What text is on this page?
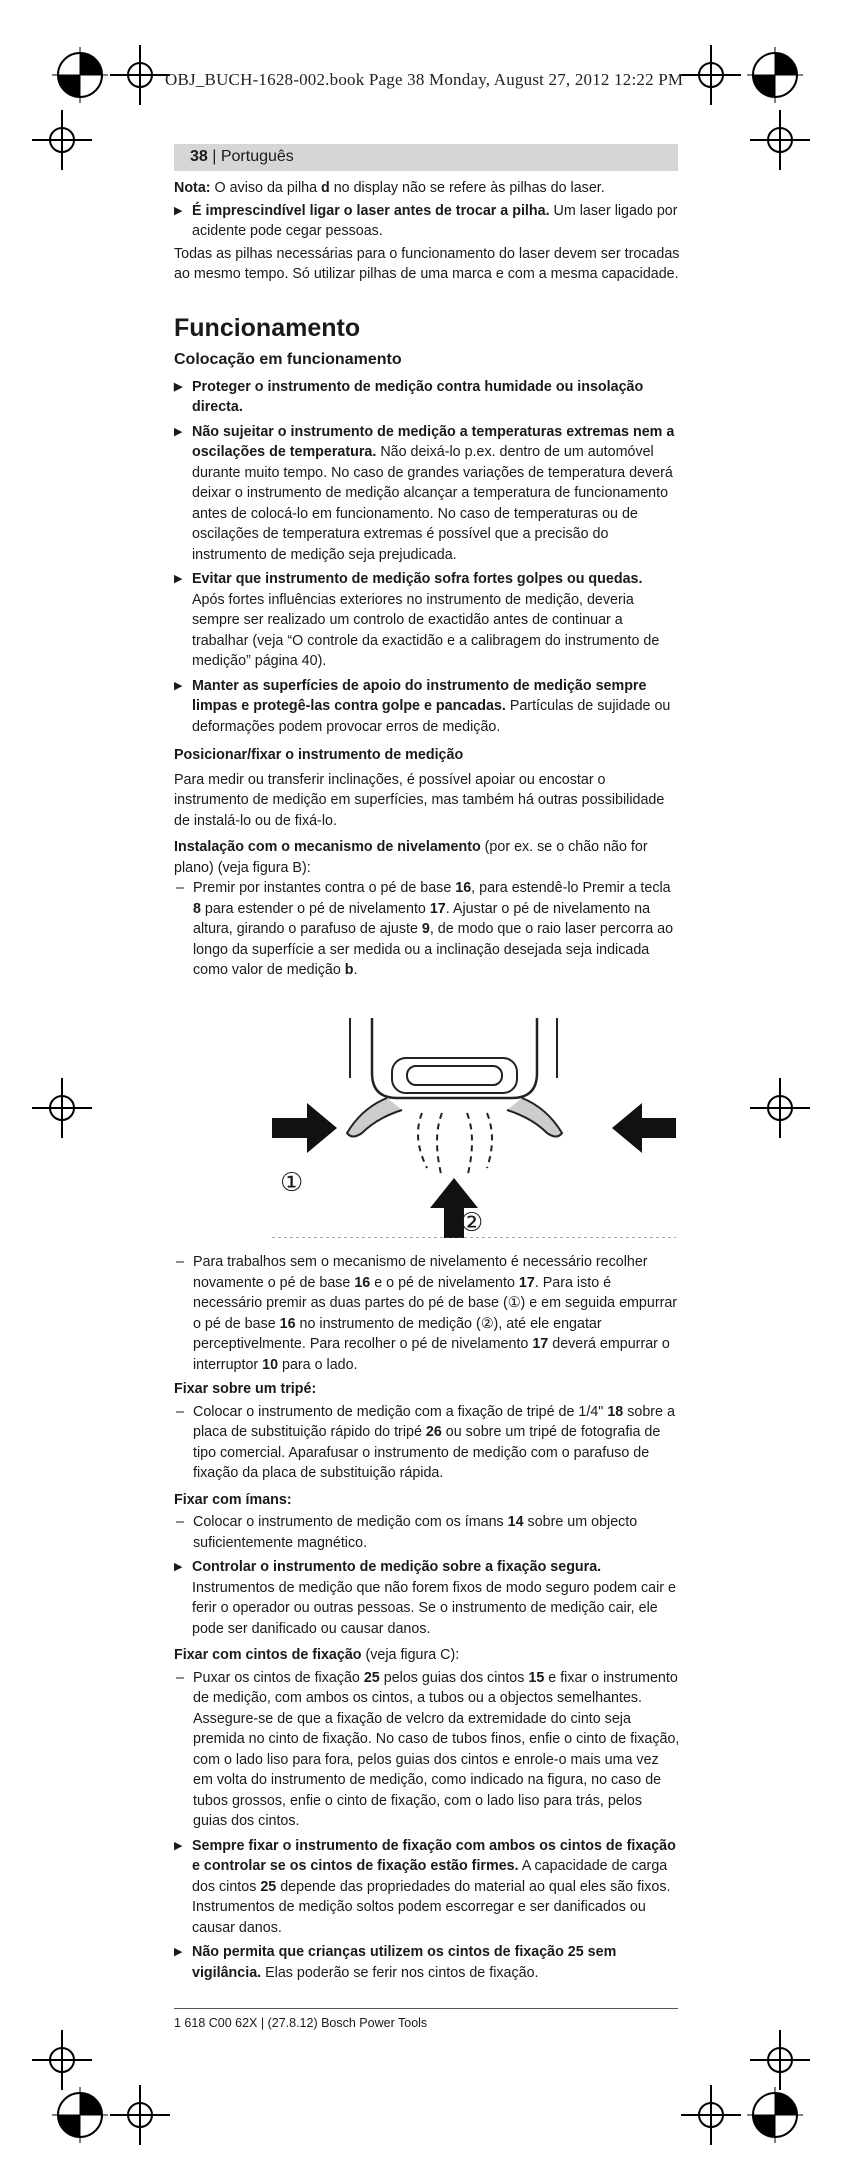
OBJ_BUCH-1628-002.book Page 38 Monday, August 27, 2012 12:22 PM
38 | Português

Nota: O aviso da pilha d no display não se refere às pilhas do laser.

▶ É imprescindível ligar o laser antes de trocar a pilha. Um laser ligado por acidente pode cegar pessoas.

Todas as pilhas necessárias para o funcionamento do laser devem ser trocadas ao mesmo tempo. Só utilizar pilhas de uma marca e com a mesma capacidade.

Funcionamento
Colocação em funcionamento

▶ Proteger o instrumento de medição contra humidade ou insolação directa.

▶ Não sujeitar o instrumento de medição a temperaturas extremas nem a oscilações de temperatura. Não deixá-lo p.ex. dentro de um automóvel durante muito tempo. No caso de grandes variações de temperatura deverá deixar o instrumento de medição alcançar a temperatura de funcionamento antes de colocá-lo em funcionamento. No caso de temperaturas ou de oscilações de temperatura extremas é possível que a precisão do instrumento de medição seja prejudicada.

▶ Evitar que instrumento de medição sofra fortes golpes ou quedas.
Após fortes influências exteriores no instrumento de medição, deveria sempre ser realizado um controlo de exactidão antes de continuar a trabalhar (veja “O controle da exactidão e a calibragem do instrumento de medição” página 40).

▶ Manter as superfícies de apoio do instrumento de medição sempre limpas e protegê-las contra golpe e pancadas. Partículas de sujidade ou deformações podem provocar erros de medição.

Posicionar/fixar o instrumento de medição

Para medir ou transferir inclinações, é possível apoiar ou encostar o instrumento de medição em superfícies, mas também há outras possibilidade de instalá-lo ou de fixá-lo.

Instalação com o mecanismo de nivelamento (por ex. se o chão não for plano) (veja figura B):

– Premir por instantes contra o pé de base 16, para estendê-lo Premir a tecla 8 para estender o pé de nivelamento 17. Ajustar o pé de nivelamento na altura, girando o parafuso de ajuste 9, de modo que o raio laser percorra ao longo da superfície a ser medida ou a inclinação desejada seja indicada como valor de medição b.

①
②

– Para trabalhos sem o mecanismo de nivelamento é necessário recolher novamente o pé de base 16 e o pé de nivelamento 17. Para isto é necessário premir as duas partes do pé de base (①) e em seguida empurrar o pé de base 16 no instrumento de medição (②), até ele engatar perceptivelmente. Para recolher o pé de nivelamento 17 deverá empurrar o interruptor 10 para o lado.

Fixar sobre um tripé:

– Colocar o instrumento de medição com a fixação de tripé de 1/4" 18 sobre a placa de substituição rápido do tripé 26 ou sobre um tripé de fotografia de tipo comercial. Aparafusar o instrumento de medição com o parafuso de fixação da placa de substituição rápida.

Fixar com ímans:

– Colocar o instrumento de medição com os ímans 14 sobre um objecto suficientemente magnético.

▶ Controlar o instrumento de medição sobre a fixação segura. Instrumentos de medição que não forem fixos de modo seguro podem cair e ferir o operador ou outras pessoas. Se o instrumento de medição cair, ele pode ser danificado ou causar danos.

Fixar com cintos de fixação (veja figura C):

– Puxar os cintos de fixação 25 pelos guias dos cintos 15 e fixar o instrumento de medição, com ambos os cintos, a tubos ou a objectos semelhantes. Assegure-se de que a fixação de velcro da extremidade do cinto seja premida no cinto de fixação. No caso de tubos finos, enfie o cinto de fixação, com o lado liso para fora, pelos guias dos cintos e enrole-o mais uma vez em volta do instrumento de medição, como indicado na figura, no caso de tubos grossos, enfie o cinto de fixação, com o lado liso para trás, pelos guias dos cintos.

▶ Sempre fixar o instrumento de fixação com ambos os cintos de fixação e controlar se os cintos de fixação estão firmes. A capacidade de carga dos cintos 25 depende das propriedades do material ao qual eles são fixos. Instrumentos de medição soltos podem escorregar e ser danificados ou causar danos.

▶ Não permita que crianças utilizem os cintos de fixação 25 sem vigilância. Elas poderão se ferir nos cintos de fixação.

1 618 C00 62X | (27.8.12) Bosch Power Tools
